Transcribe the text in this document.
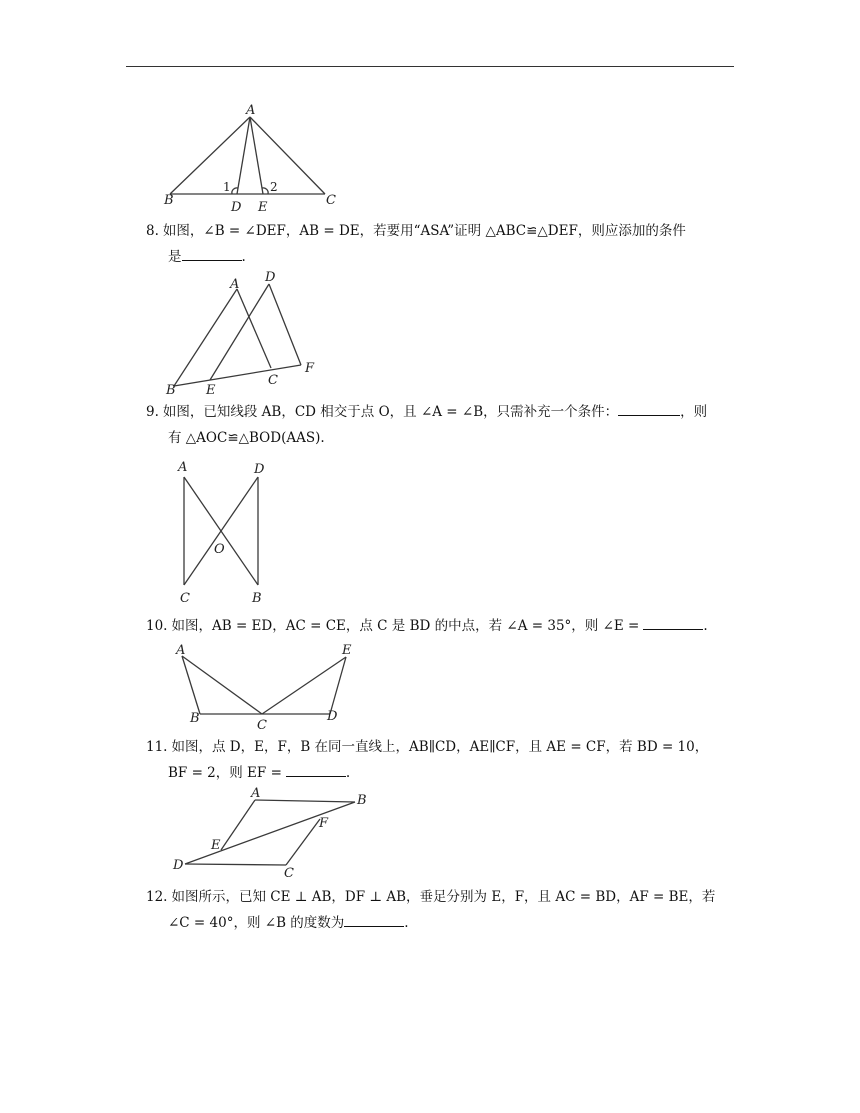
A
B	C
D E
1	2
8. 如图，∠B = ∠DEF，AB = DE，若要用“ASA”证明 △ABC≌△DEF，则应添加的条件
是	.
A D
B E
C
F
9. 如图，已知线段 AB，CD 相交于点 O，且 ∠A = ∠B，只需补充一个条件：	，则
有 △AOC≌△BOD(AAS).
A	D
O
C	B
10. 如图，AB = ED，AC = CE，点 C 是 BD 的中点，若 ∠A = 35°，则 ∠E =	.
A	E
B	C
D
11. 如图，点 D，E，F，B 在同一直线上，AB∥CD，AE∥CF，且 AE = CF，若 BD = 10，
BF = 2，则 EF =	.
A	B
F
E
D
C
12. 如图所示，已知 CE ⊥ AB，DF ⊥ AB，垂足分别为 E，F，且 AC = BD，AF = BE，若
∠C = 40°，则 ∠B 的度数为	.
